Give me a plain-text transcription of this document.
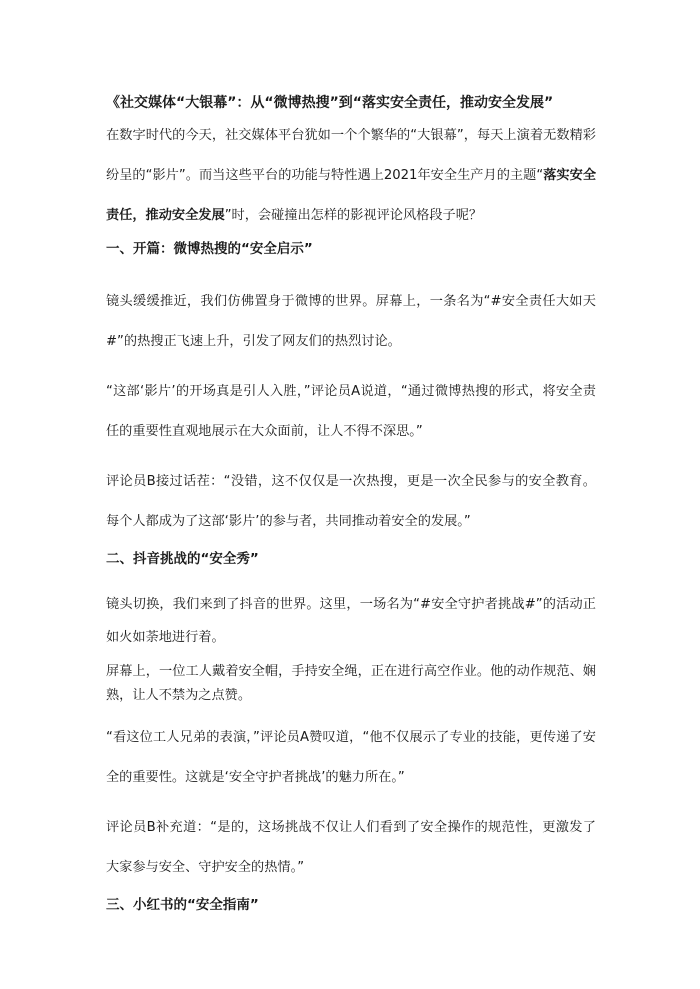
《社交媒体“大银幕”：从“微博热搜”到“落实安全责任，推动安全发展”

在数字时代的今天，社交媒体平台犹如一个个繁华的“大银幕”，每天上演着无数精彩纷呈的“影片”。而当这些平台的功能与特性遇上2021年安全生产月的主题“落实安全责任，推动安全发展”时，会碰撞出怎样的影视评论风格段子呢？

一、开篇：微博热搜的“安全启示”

镜头缓缓推近，我们仿佛置身于微博的世界。屏幕上，一条名为“#安全责任大如天#”的热搜正飞速上升，引发了网友们的热烈讨论。

“这部‘影片’的开场真是引人入胜，”评论员A说道，“通过微博热搜的形式，将安全责任的重要性直观地展示在大众面前，让人不得不深思。”

评论员B接过话茬：“没错，这不仅仅是一次热搜，更是一次全民参与的安全教育。每个人都成为了这部‘影片’的参与者，共同推动着安全的发展。”

二、抖音挑战的“安全秀”

镜头切换，我们来到了抖音的世界。这里，一场名为“#安全守护者挑战#”的活动正如火如荼地进行着。

屏幕上，一位工人戴着安全帽，手持安全绳，正在进行高空作业。他的动作规范、娴熟，让人不禁为之点赞。

“看这位工人兄弟的表演，”评论员A赞叹道，“他不仅展示了专业的技能，更传递了安全的重要性。这就是‘安全守护者挑战’的魅力所在。”

评论员B补充道：“是的，这场挑战不仅让人们看到了安全操作的规范性，更激发了大家参与安全、守护安全的热情。”

三、小红书的“安全指南”
